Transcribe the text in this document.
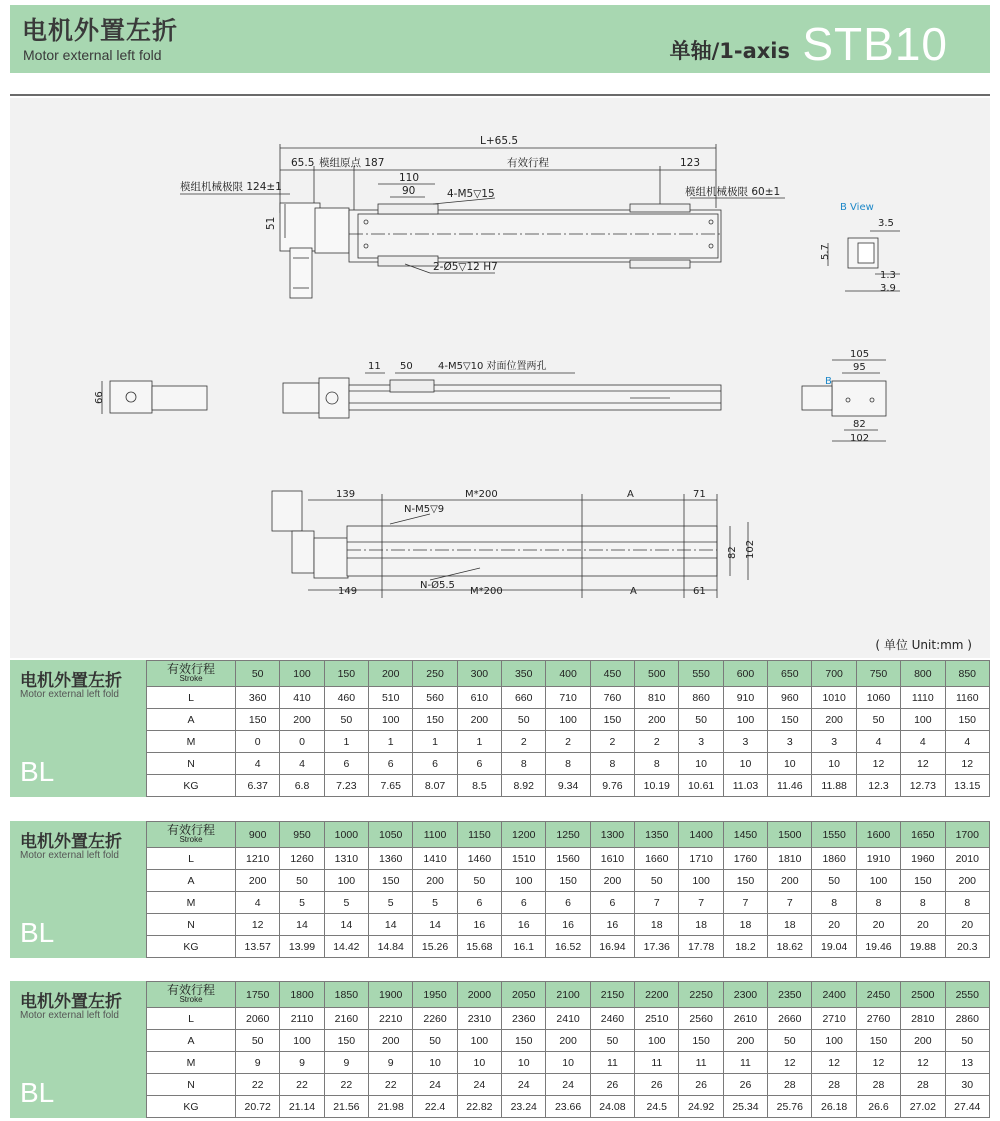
电机外置左折
Motor external left fold	单轴/1-axis STB10
L+65.5
65.5 模组原点 187	有效行程	123
模组机械极限 124±1
110
90	4-M5▽15	模组机械极限 60±1
51
2-Ø5▽12 H7
B View
3.5
5.7
1.3
3.9
66
11 50	4-M5▽10 对面位置两孔
105
95
B
82
102
139	M*200	A	71
N-M5▽9
82 102
N-Ø5.5
149	M*200	A	61
( 单位 Unit:mm )
电机外置左折
Motor external left fold
BL
有效行程
Stroke	50	100	150	200	250	300	350	400	450	500	550	600	650	700	750	800	850
L	360	410	460	510	560	610	660	710	760	810	860	910	960	1010	1060	1110	1160
A	150	200	50	100	150	200	50	100	150	200	50	100	150	200	50	100	150
M	0	0	1	1	1	1	2	2	2	2	3	3	3	3	4	4	4
N	4	4	6	6	6	6	8	8	8	8	10	10	10	10	12	12	12
KG	6.37	6.8	7.23	7.65	8.07	8.5	8.92	9.34	9.76	10.19	10.61	11.03	11.46	11.88	12.3	12.73	13.15
电机外置左折
Motor external left fold
BL
有效行程
Stroke	900	950	1000	1050	1100	1150	1200	1250	1300	1350	1400	1450	1500	1550	1600	1650	1700
L	1210	1260	1310	1360	1410	1460	1510	1560	1610	1660	1710	1760	1810	1860	1910	1960	2010
A	200	50	100	150	200	50	100	150	200	50	100	150	200	50	100	150	200
M	4	5	5	5	5	6	6	6	6	7	7	7	7	8	8	8	8
N	12	14	14	14	14	16	16	16	16	18	18	18	18	20	20	20	20
KG	13.57	13.99	14.42	14.84	15.26	15.68	16.1	16.52	16.94	17.36	17.78	18.2	18.62	19.04	19.46	19.88	20.3
电机外置左折
Motor external left fold
BL
有效行程
Stroke	1750	1800	1850	1900	1950	2000	2050	2100	2150	2200	2250	2300	2350	2400	2450	2500	2550
L	2060	2110	2160	2210	2260	2310	2360	2410	2460	2510	2560	2610	2660	2710	2760	2810	2860
A	50	100	150	200	50	100	150	200	50	100	150	200	50	100	150	200	50
M	9	9	9	9	10	10	10	10	11	11	11	11	12	12	12	12	13
N	22	22	22	22	24	24	24	24	26	26	26	26	28	28	28	28	30
KG	20.72	21.14	21.56	21.98	22.4	22.82	23.24	23.66	24.08	24.5	24.92	25.34	25.76	26.18	26.6	27.02	27.44
